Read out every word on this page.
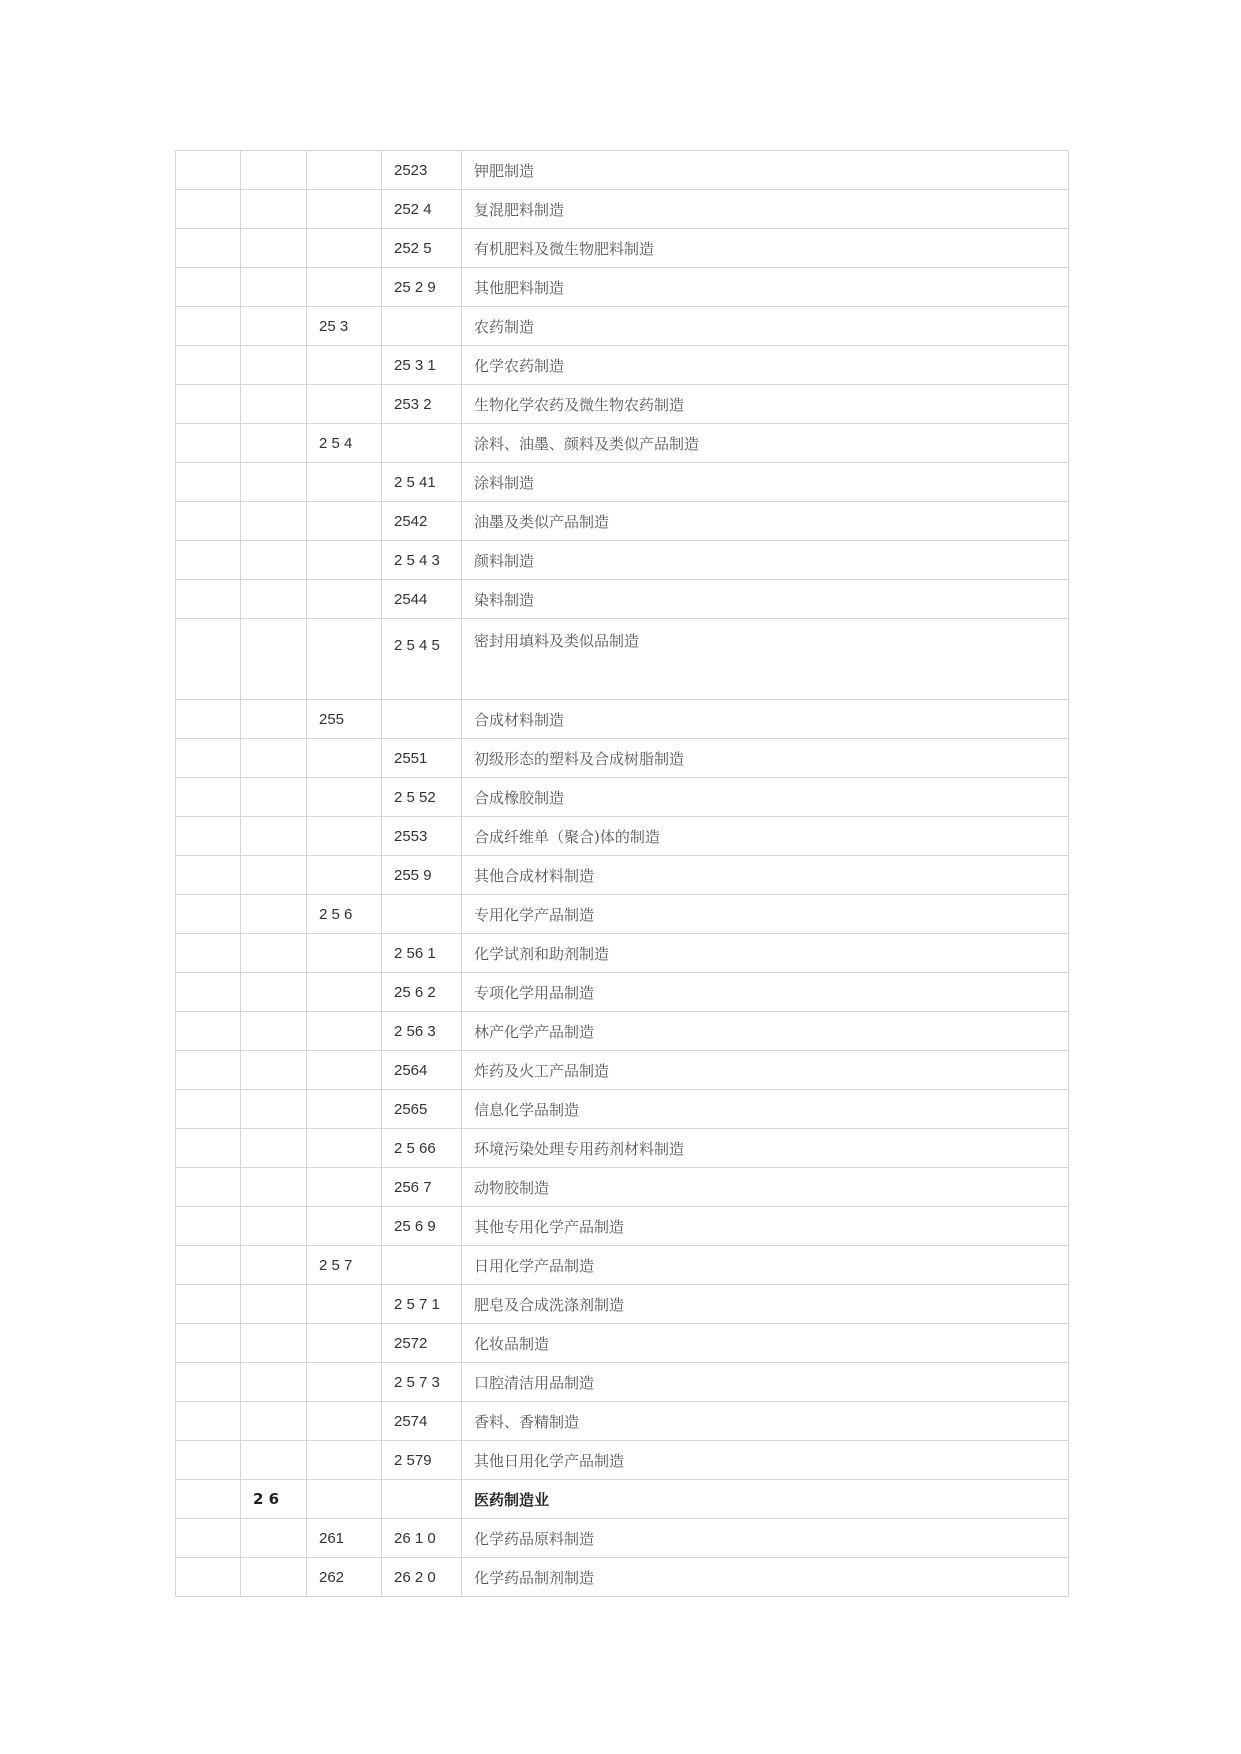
			2523	钾肥制造
			252 4	复混肥料制造
			252 5	有机肥料及微生物肥料制造
			25 2 9	其他肥料制造
		25 3		农药制造
			25 3 1	化学农药制造
			253 2	生物化学农药及微生物农药制造
		2 5 4		涂料、油墨、颜料及类似产品制造
			2 5 41	涂料制造
			2542	油墨及类似产品制造
			2 5 4 3	颜料制造
			2544	染料制造
			2 5 4 5	密封用填料及类似品制造
		255		合成材料制造
			2551	初级形态的塑料及合成树脂制造
			2 5 52	合成橡胶制造
			2553	合成纤维单（聚合)体的制造
			255 9	其他合成材料制造
		2 5 6		专用化学产品制造
			2 56 1	化学试剂和助剂制造
			25 6 2	专项化学用品制造
			2 56 3	林产化学产品制造
			2564	炸药及火工产品制造
			2565	信息化学品制造
			2 5 66	环境污染处理专用药剂材料制造
			256 7	动物胶制造
			25 6 9	其他专用化学产品制造
		2 5 7		日用化学产品制造
			2 5 7 1	肥皂及合成洗涤剂制造
			2572	化妆品制造
			2 5 7 3	口腔清洁用品制造
			2574	香料、香精制造
			2 579	其他日用化学产品制造
	2 6			医药制造业
		261	26 1 0	化学药品原料制造
		262	26 2 0	化学药品制剂制造
